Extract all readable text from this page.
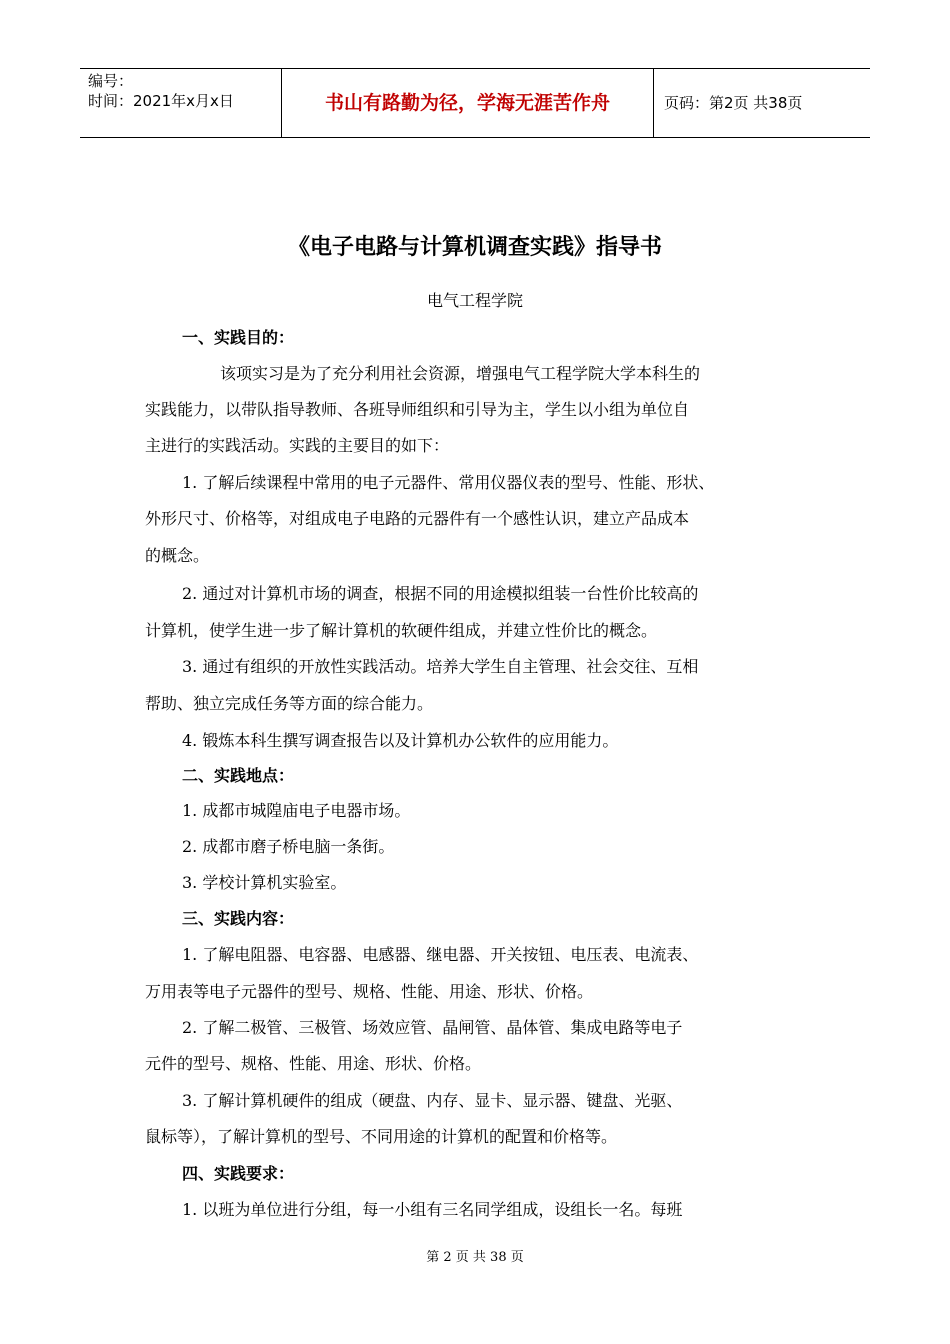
编号：
时间：2021年x月x日	书山有路勤为径，学海无涯苦作舟	页码：第2页 共38页
《电子电路与计算机调查实践》指导书
电气工程学院
一、实践目的：
该项实习是为了充分利用社会资源，增强电气工程学院大学本科生的
实践能力，以带队指导教师、各班导师组织和引导为主，学生以小组为单位自
主进行的实践活动。实践的主要目的如下：
1. 了解后续课程中常用的电子元器件、常用仪器仪表的型号、性能、形状、
外形尺寸、价格等，对组成电子电路的元器件有一个感性认识，建立产品成本
的概念。
2. 通过对计算机市场的调查，根据不同的用途模拟组装一台性价比较高的
计算机，使学生进一步了解计算机的软硬件组成，并建立性价比的概念。
3. 通过有组织的开放性实践活动。培养大学生自主管理、社会交往、互相
帮助、独立完成任务等方面的综合能力。
4. 锻炼本科生撰写调查报告以及计算机办公软件的应用能力。
二、实践地点：
1. 成都市城隍庙电子电器市场。
2. 成都市磨子桥电脑一条街。
3. 学校计算机实验室。
三、实践内容：
1. 了解电阻器、电容器、电感器、继电器、开关按钮、电压表、电流表、
万用表等电子元器件的型号、规格、性能、用途、形状、价格。
2. 了解二极管、三极管、场效应管、晶闸管、晶体管、集成电路等电子
元件的型号、规格、性能、用途、形状、价格。
3. 了解计算机硬件的组成（硬盘、内存、显卡、显示器、键盘、光驱、
鼠标等），了解计算机的型号、不同用途的计算机的配置和价格等。
四、实践要求：
1. 以班为单位进行分组，每一小组有三名同学组成，设组长一名。每班
第 2 页 共 38 页
